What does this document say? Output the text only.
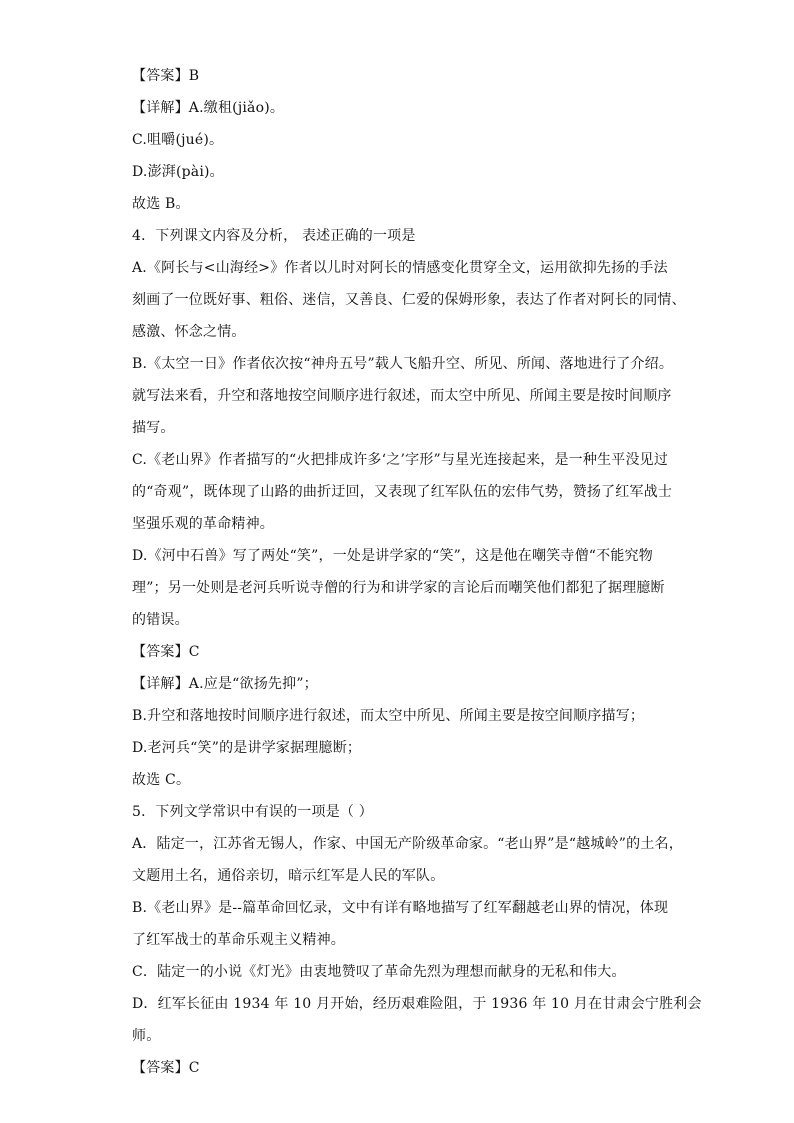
【答案】B
【详解】A.缴租(jiǎo)。
C.咀嚼(jué)。
D.澎湃(pài)。
故选 B。
4．下列课文内容及分析， 表述正确的一项是
A.《阿长与<山海经>》作者以儿时对阿长的情感变化贯穿全文，运用欲抑先扬的手法
刻画了一位既好事、粗俗、迷信，又善良、仁爱的保姆形象，表达了作者对阿长的同情、
感激、怀念之情。
B.《太空一日》作者依次按“神舟五号”载人飞船升空、所见、所闻、落地进行了介绍。
就写法来看，升空和落地按空间顺序进行叙述，而太空中所见、所闻主要是按时间顺序
描写。
C.《老山界》作者描写的“火把排成许多‘之’字形”与星光连接起来，是一种生平没见过
的“奇观”，既体现了山路的曲折迂回，又表现了红军队伍的宏伟气势，赞扬了红军战士
坚强乐观的革命精神。
D.《河中石兽》写了两处“笑”，一处是讲学家的“笑”，这是他在嘲笑寺僧“不能究物
理”；另一处则是老河兵听说寺僧的行为和讲学家的言论后而嘲笑他们都犯了据理臆断
的错误。
【答案】C
【详解】A.应是“欲扬先抑”；
B.升空和落地按时间顺序进行叙述，而太空中所见、所闻主要是按空间顺序描写；
D.老河兵“笑”的是讲学家据理臆断；
故选 C。
5．下列文学常识中有误的一项是（ ）
A．陆定一，江苏省无锡人，作家、中国无产阶级革命家。“老山界”是“越城岭”的土名，
文题用土名，通俗亲切，暗示红军是人民的军队。
B.《老山界》是--篇革命回忆录，文中有详有略地描写了红军翻越老山界的情况，体现
了红军战士的革命乐观主义精神。
C．陆定一的小说《灯光》由衷地赞叹了革命先烈为理想而献身的无私和伟大。
D．红军长征由 1934 年 10 月开始，经历艰难险阻，于 1936 年 10 月在甘肃会宁胜利会
师。
【答案】C
